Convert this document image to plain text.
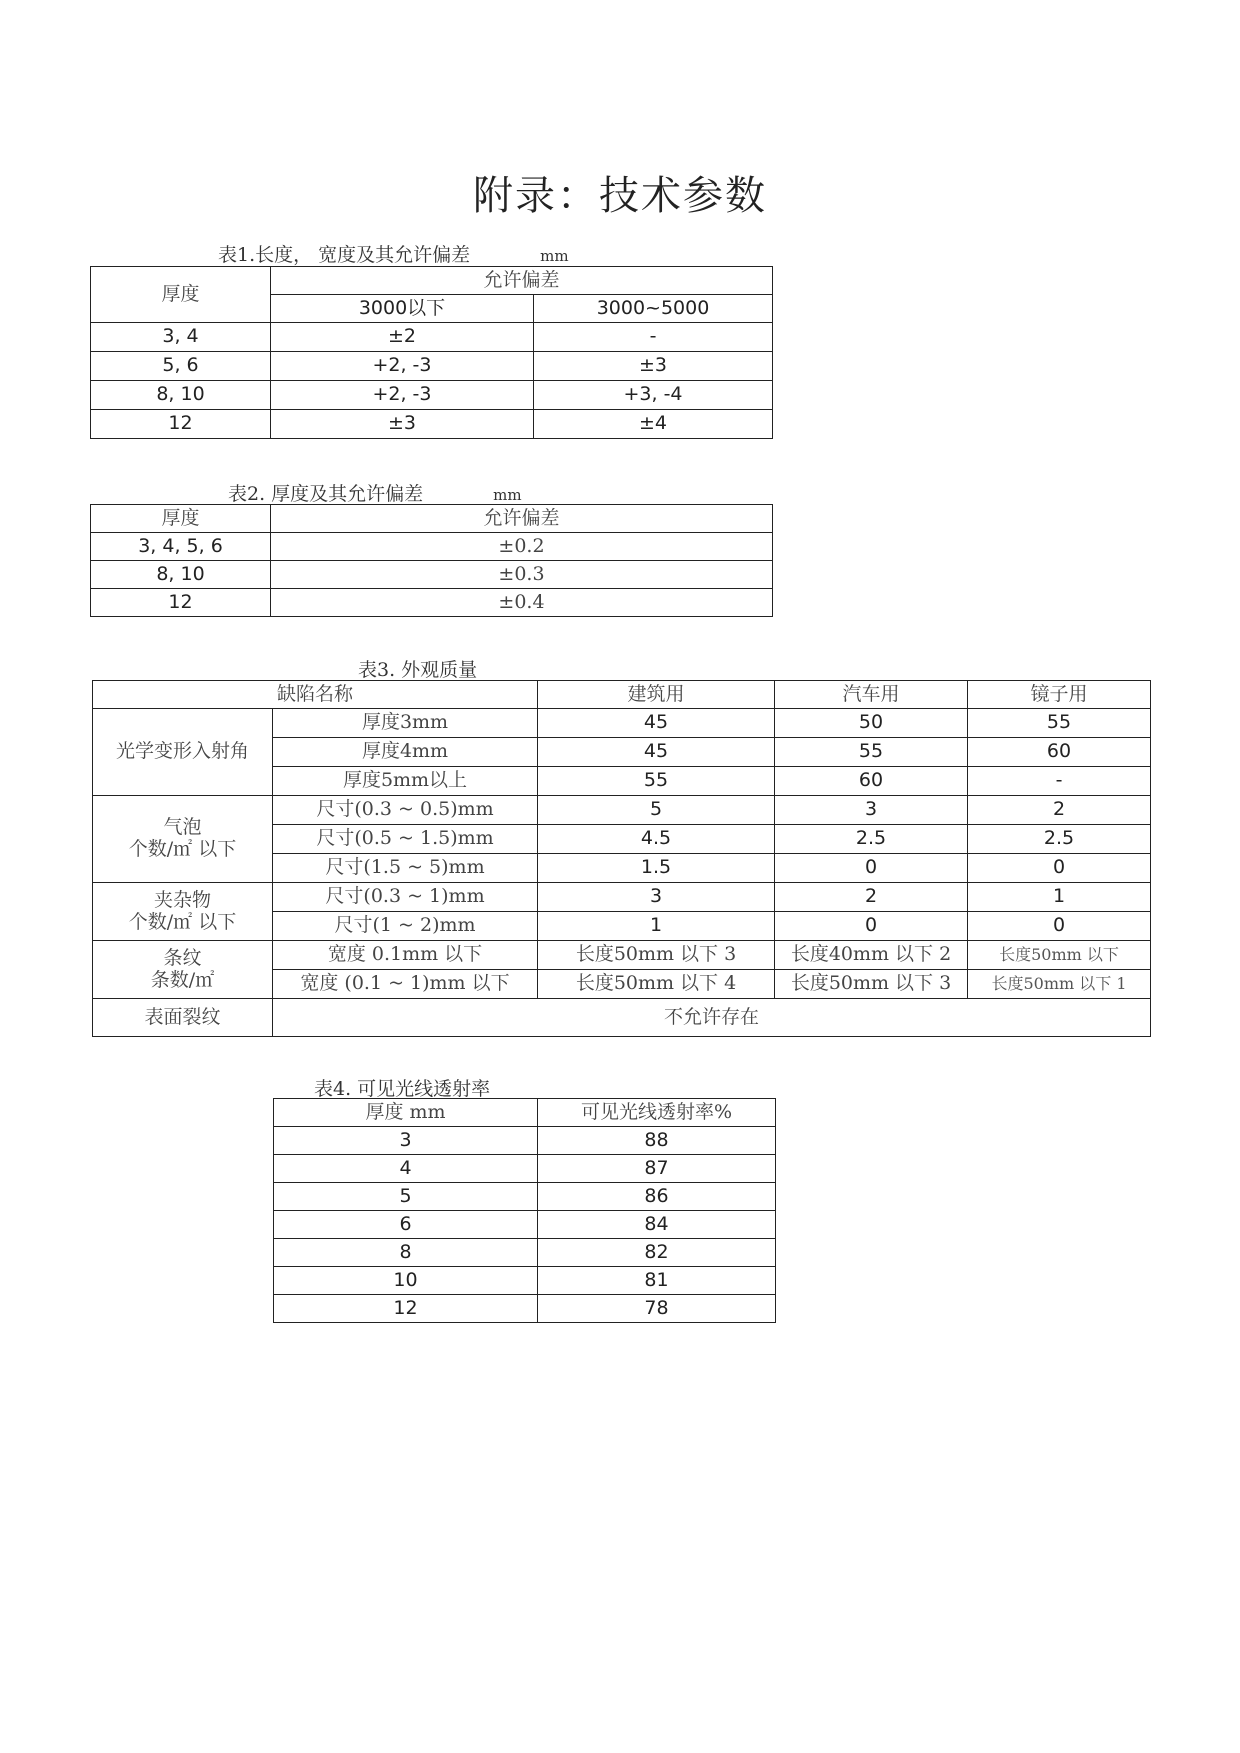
附录：技术参数
表1.长度， 宽度及其允许偏差	mm
厚度	允许偏差	
	3000以下	3000~5000
3, 4	±2	-
5, 6	+2, -3	±3
8, 10	+2, -3	+3, -4
12	±3	±4
表2. 厚度及其允许偏差	mm
厚度	允许偏差
3, 4, 5, 6	±0.2
8, 10	±0.3
12	±0.4
表3. 外观质量
缺陷名称		建筑用	汽车用	镜子用
光学变形入射角	厚度3mm	45	50	55
	厚度4mm	45	55	60
	厚度5mm以上	55	60	-

气泡
个数/㎡ 以下	尺寸(0.3 ~ 0.5)mm	5	3	2
	尺寸(0.5 ~ 1.5)mm	4.5	2.5	2.5
	尺寸(1.5 ~ 5)mm	1.5	0	0

夹杂物
个数/㎡ 以下	尺寸(0.3 ~ 1)mm	3	2	1
	尺寸(1 ~ 2)mm	1	0	0

条纹
条数/㎡	宽度 0.1mm 以下	长度50mm 以下 3	长度40mm 以下 2	长度50mm 以下
	宽度 (0.1 ~ 1)mm 以下	长度50mm 以下 4	长度50mm 以下 3	长度50mm 以下 1
表面裂纹	不允许存在			
表4. 可见光线透射率
厚度 mm	可见光线透射率%
3	88
4	87
5	86
6	84
8	82
10	81
12	78
